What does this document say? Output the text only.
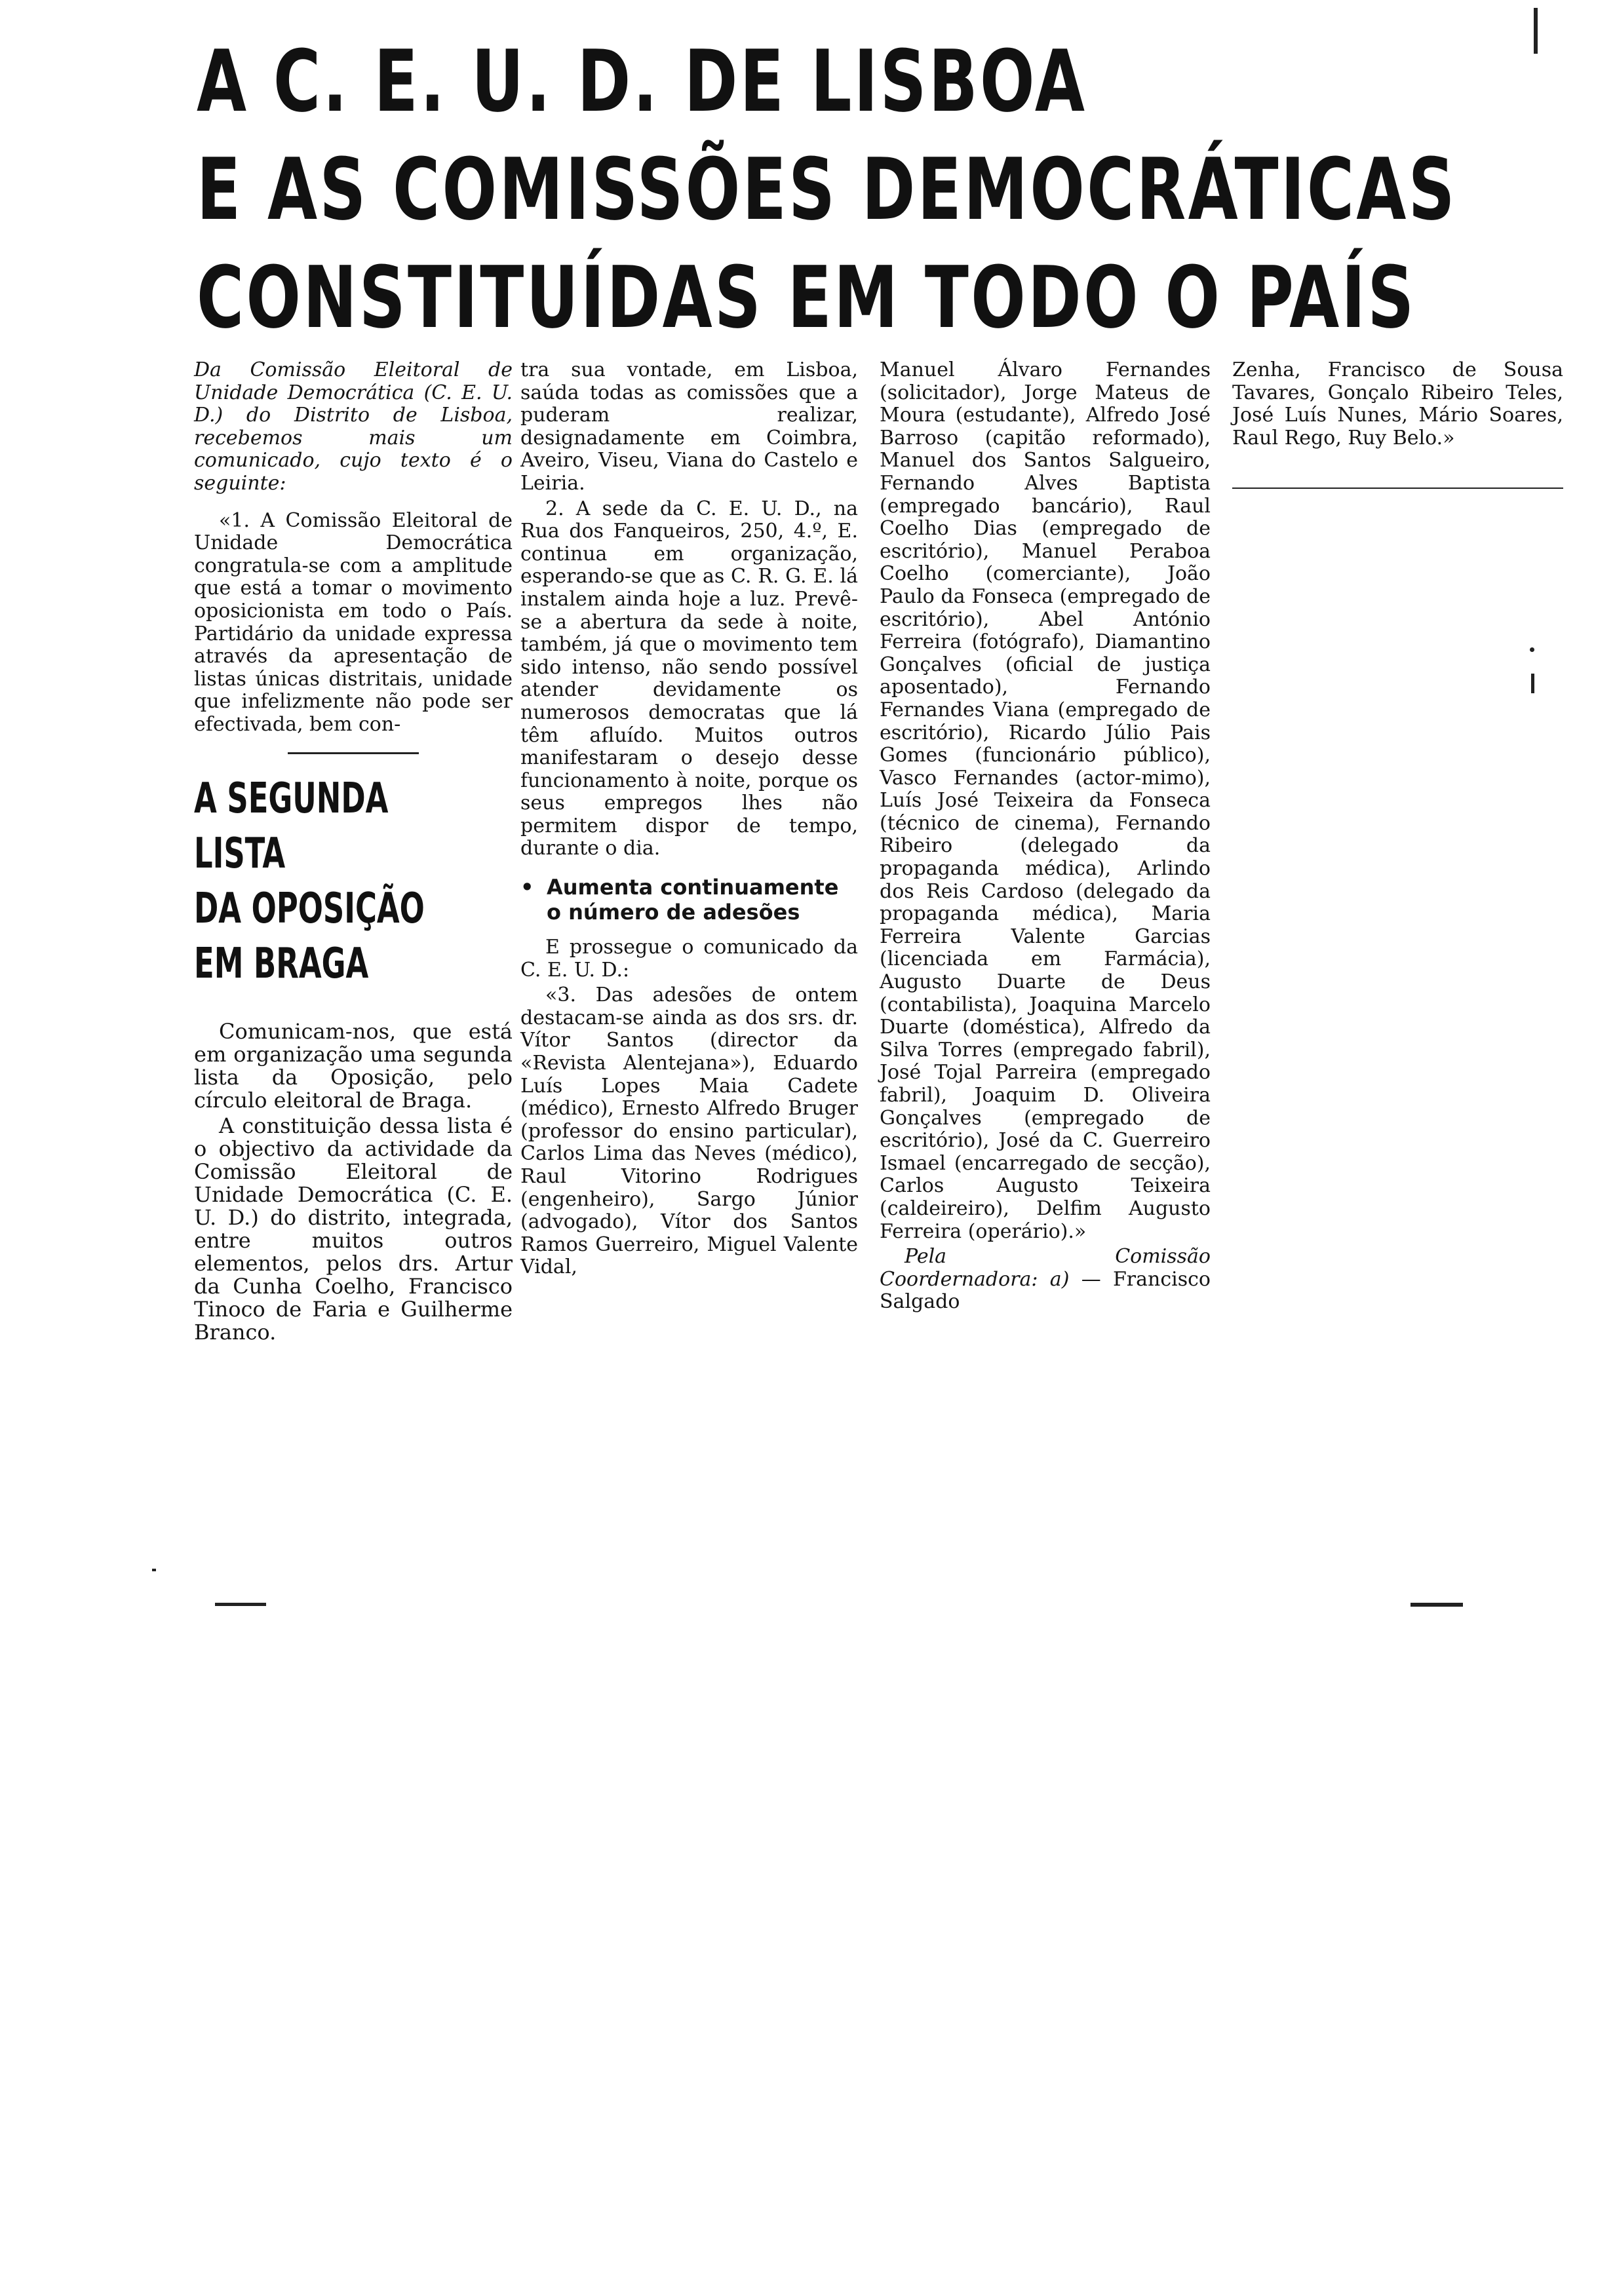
A C. E. U. D. DE LISBOA
E AS COMISSÕES DEMOCRÁTICAS
CONSTITUÍDAS EM TODO O PAÍS

Da Comissão Eleitoral de Unidade Democrática (C. E. U. D.) do Distrito de Lisboa, recebemos mais um comunicado, cujo texto é o seguinte:

«1. A Comissão Eleitoral de Unidade Democrática congratula-se com a amplitude que está a tomar o movimento oposicionista em todo o País. Partidário da unidade expressa através da apresentação de listas únicas distritais, unidade que infelizmente não pode ser efectivada, bem con-

A SEGUNDA
LISTA
DA OPOSIÇÃO
EM BRAGA

Comunicam-nos, que está em organização uma segunda lista da Oposição, pelo círculo eleitoral de Braga.

A constituição dessa lista é o objectivo da actividade da Comissão Eleitoral de Unidade Democrática (C. E. U. D.) do distrito, integrada, entre muitos outros elementos, pelos drs. Artur da Cunha Coelho, Francisco Tinoco de Faria e Guilherme Branco.

tra sua vontade, em Lisboa, saúda todas as comissões que a puderam realizar, designadamente em Coimbra, Aveiro, Viseu, Viana do Castelo e Leiria.

2. A sede da C. E. U. D., na Rua dos Fanqueiros, 250, 4.º, E. continua em organização, esperando-se que as C. R. G. E. lá instalem ainda hoje a luz. Prevê-se a abertura da sede à noite, também, já que o movimento tem sido intenso, não sendo possível atender devidamente os numerosos democratas que lá têm afluído. Muitos outros manifestaram o desejo desse funcionamento à noite, porque os seus empregos lhes não permitem dispor de tempo, durante o dia.

• Aumenta continuamente o número de adesões

E prossegue o comunicado da C. E. U. D.:

«3. Das adesões de ontem destacam-se ainda as dos srs. dr. Vítor Santos (director da «Revista Alentejana»), Eduardo Luís Lopes Maia Cadete (médico), Ernesto Alfredo Bruger (professor do ensino particular), Carlos Lima das Neves (médico), Raul Vitorino Rodrigues (engenheiro), Sargo Júnior (advogado), Vítor dos Santos Ramos Guerreiro, Miguel Valente Vidal,

Manuel Álvaro Fernandes (solicitador), Jorge Mateus de Moura (estudante), Alfredo José Barroso (capitão reformado), Manuel dos Santos Salgueiro, Fernando Alves Baptista (empregado bancário), Raul Coelho Dias (empregado de escritório), Manuel Peraboa Coelho (comerciante), João Paulo da Fonseca (empregado de escritório), Abel António Ferreira (fotógrafo), Diamantino Gonçalves (oficial de justiça aposentado), Fernando Fernandes Viana (empregado de escritório), Ricardo Júlio Pais Gomes (funcionário público), Vasco Fernandes (actor-mimo), Luís José Teixeira da Fonseca (técnico de cinema), Fernando Ribeiro (delegado da propaganda médica), Arlindo dos Reis Cardoso (delegado da propaganda médica), Maria Ferreira Valente Garcias (licenciada em Farmácia), Augusto Duarte de Deus (contabilista), Joaquina Marcelo Duarte (doméstica), Alfredo da Silva Torres (empregado fabril), José Tojal Parreira (empregado fabril), Joaquim D. Oliveira Gonçalves (empregado de escritório), José da C. Guerreiro Ismael (encarregado de secção), Carlos Augusto Teixeira (caldeireiro), Delfim Augusto Ferreira (operário).»

Pela Comissão Coordernadora: a) — Francisco Salgado

Zenha, Francisco de Sousa Tavares, Gonçalo Ribeiro Teles, José Luís Nunes, Mário Soares, Raul Rego, Ruy Belo.»
